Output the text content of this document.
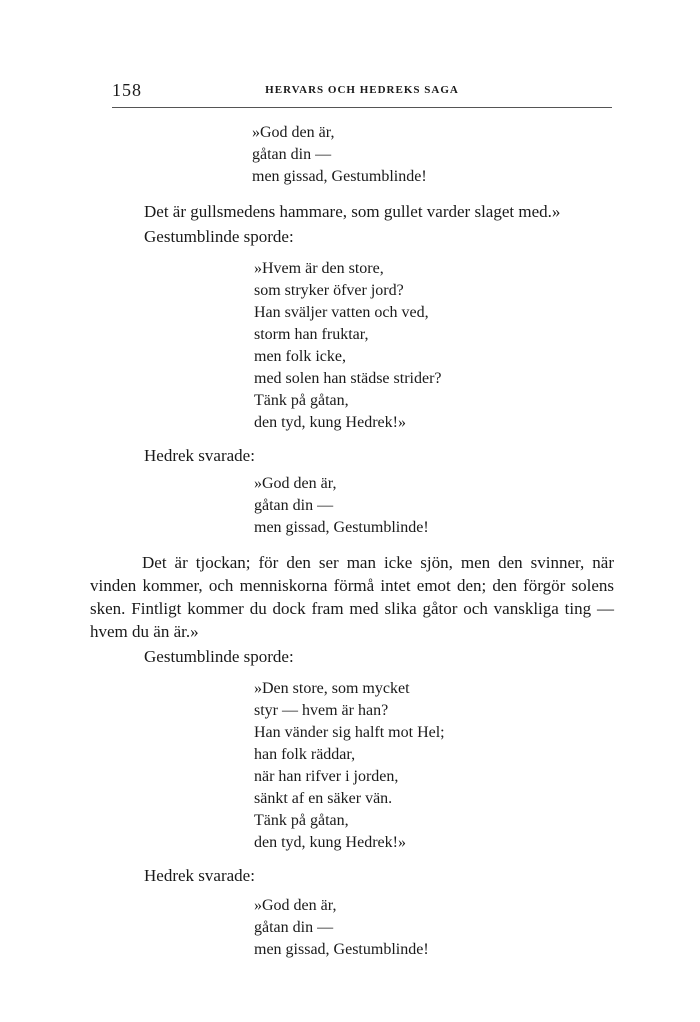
158	HERVARS OCH HEDREKS SAGA
»God den är,
gåtan din —
men gissad, Gestumblinde!

Det är gullsmedens hammare, som gullet varder slaget med.»

Gestumblinde sporde:

»Hvem är den store,
som stryker öfver jord?
Han sväljer vatten och ved,
storm han fruktar,
men folk icke,
med solen han städse strider?
Tänk på gåtan,
den tyd, kung Hedrek!»

Hedrek svarade:

»God den är,
gåtan din —
men gissad, Gestumblinde!

Det är tjockan; för den ser man icke sjön, men den svinner, när vinden kommer, och menniskorna förmå intet emot den; den förgör solens sken. Fintligt kommer du dock fram med slika gåtor och vanskliga ting — hvem du än är.»

Gestumblinde sporde:

»Den store, som mycket
styr — hvem är han?
Han vänder sig halft mot Hel;
han folk räddar,
när han rifver i jorden,
sänkt af en säker vän.
Tänk på gåtan,
den tyd, kung Hedrek!»

Hedrek svarade:

»God den är,
gåtan din —
men gissad, Gestumblinde!
